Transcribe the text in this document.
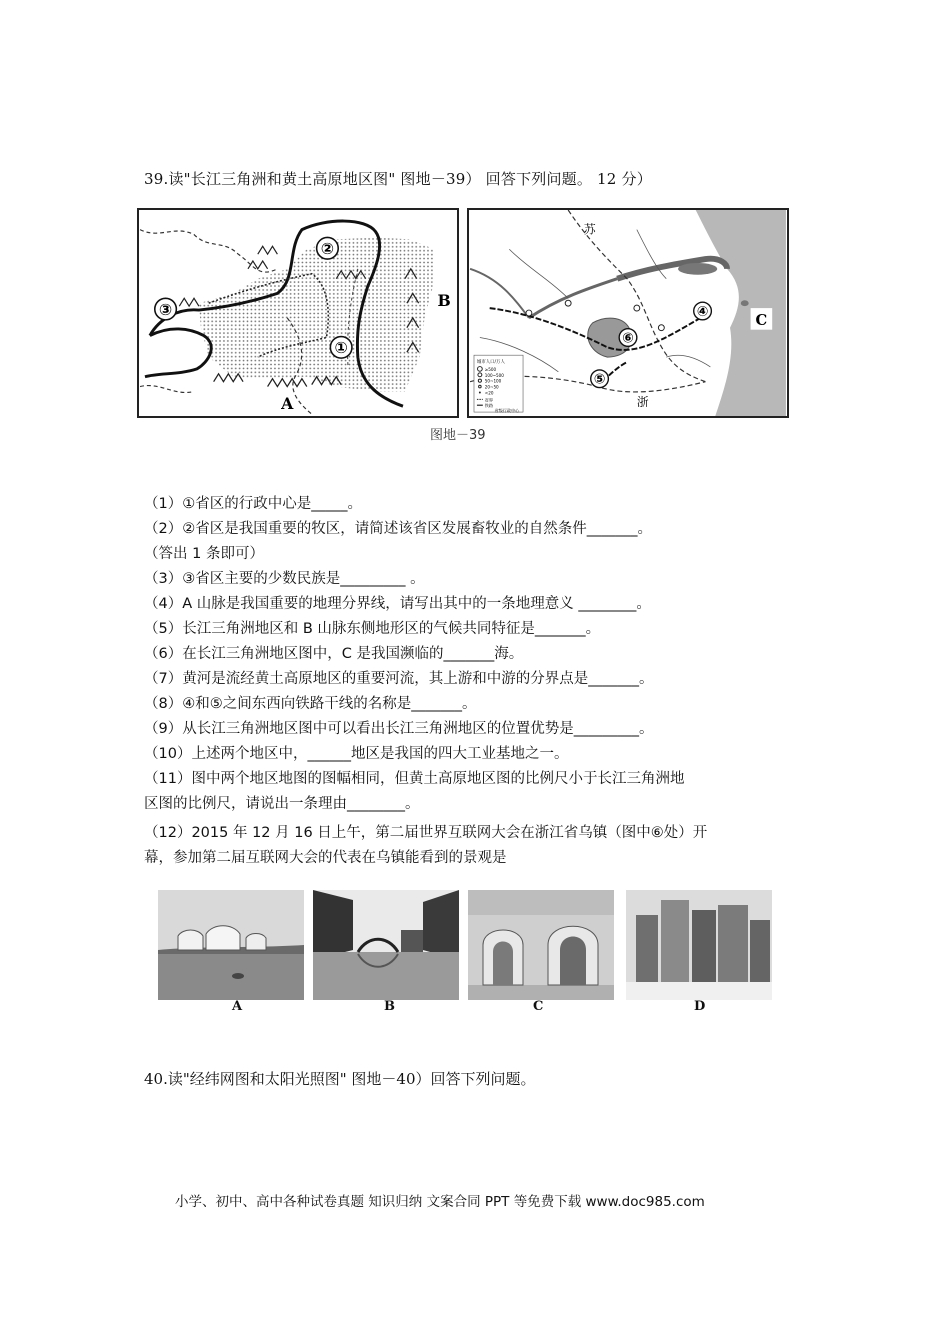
39.读"长江三角洲和黄土高原地区图" 图地－39） 回答下列问题。 12 分）
①
②
③
A
B
城市人口/万人
≥500
100~500
50~100
20~50
<20
省界
铁路
省级行政中心
苏
浙
④
⑥
⑤
C
图地－39
（1）①省区的行政中心是_____。
（2）②省区是我国重要的牧区，请简述该省区发展畜牧业的自然条件_______。
（答出 1 条即可）
（3）③省区主要的少数民族是_________ 。
（4）A 山脉是我国重要的地理分界线，请写出其中的一条地理意义 ________。
（5）长江三角洲地区和 B 山脉东侧地形区的气候共同特征是_______。
（6）在长江三角洲地区图中，C 是我国濒临的_______海。
（7）黄河是流经黄土高原地区的重要河流，其上游和中游的分界点是_______。
（8）④和⑤之间东西向铁路干线的名称是_______。
（9）从长江三角洲地区图中可以看出长江三角洲地区的位置优势是_________。
（10）上述两个地区中，______地区是我国的四大工业基地之一。
（11）图中两个地区地图的图幅相同，但黄土高原地区图的比例尺小于长江三角洲地
区图的比例尺，请说出一条理由________。
（12）2015 年 12 月 16 日上午，第二届世界互联网大会在浙江省乌镇（图中⑥处）开
幕，参加第二届互联网大会的代表在乌镇能看到的景观是
A	B	C	D
40.读"经纬网图和太阳光照图" 图地－40）回答下列问题。
小学、初中、高中各种试卷真题 知识归纳 文案合同 PPT 等免费下载 www.doc985.com
